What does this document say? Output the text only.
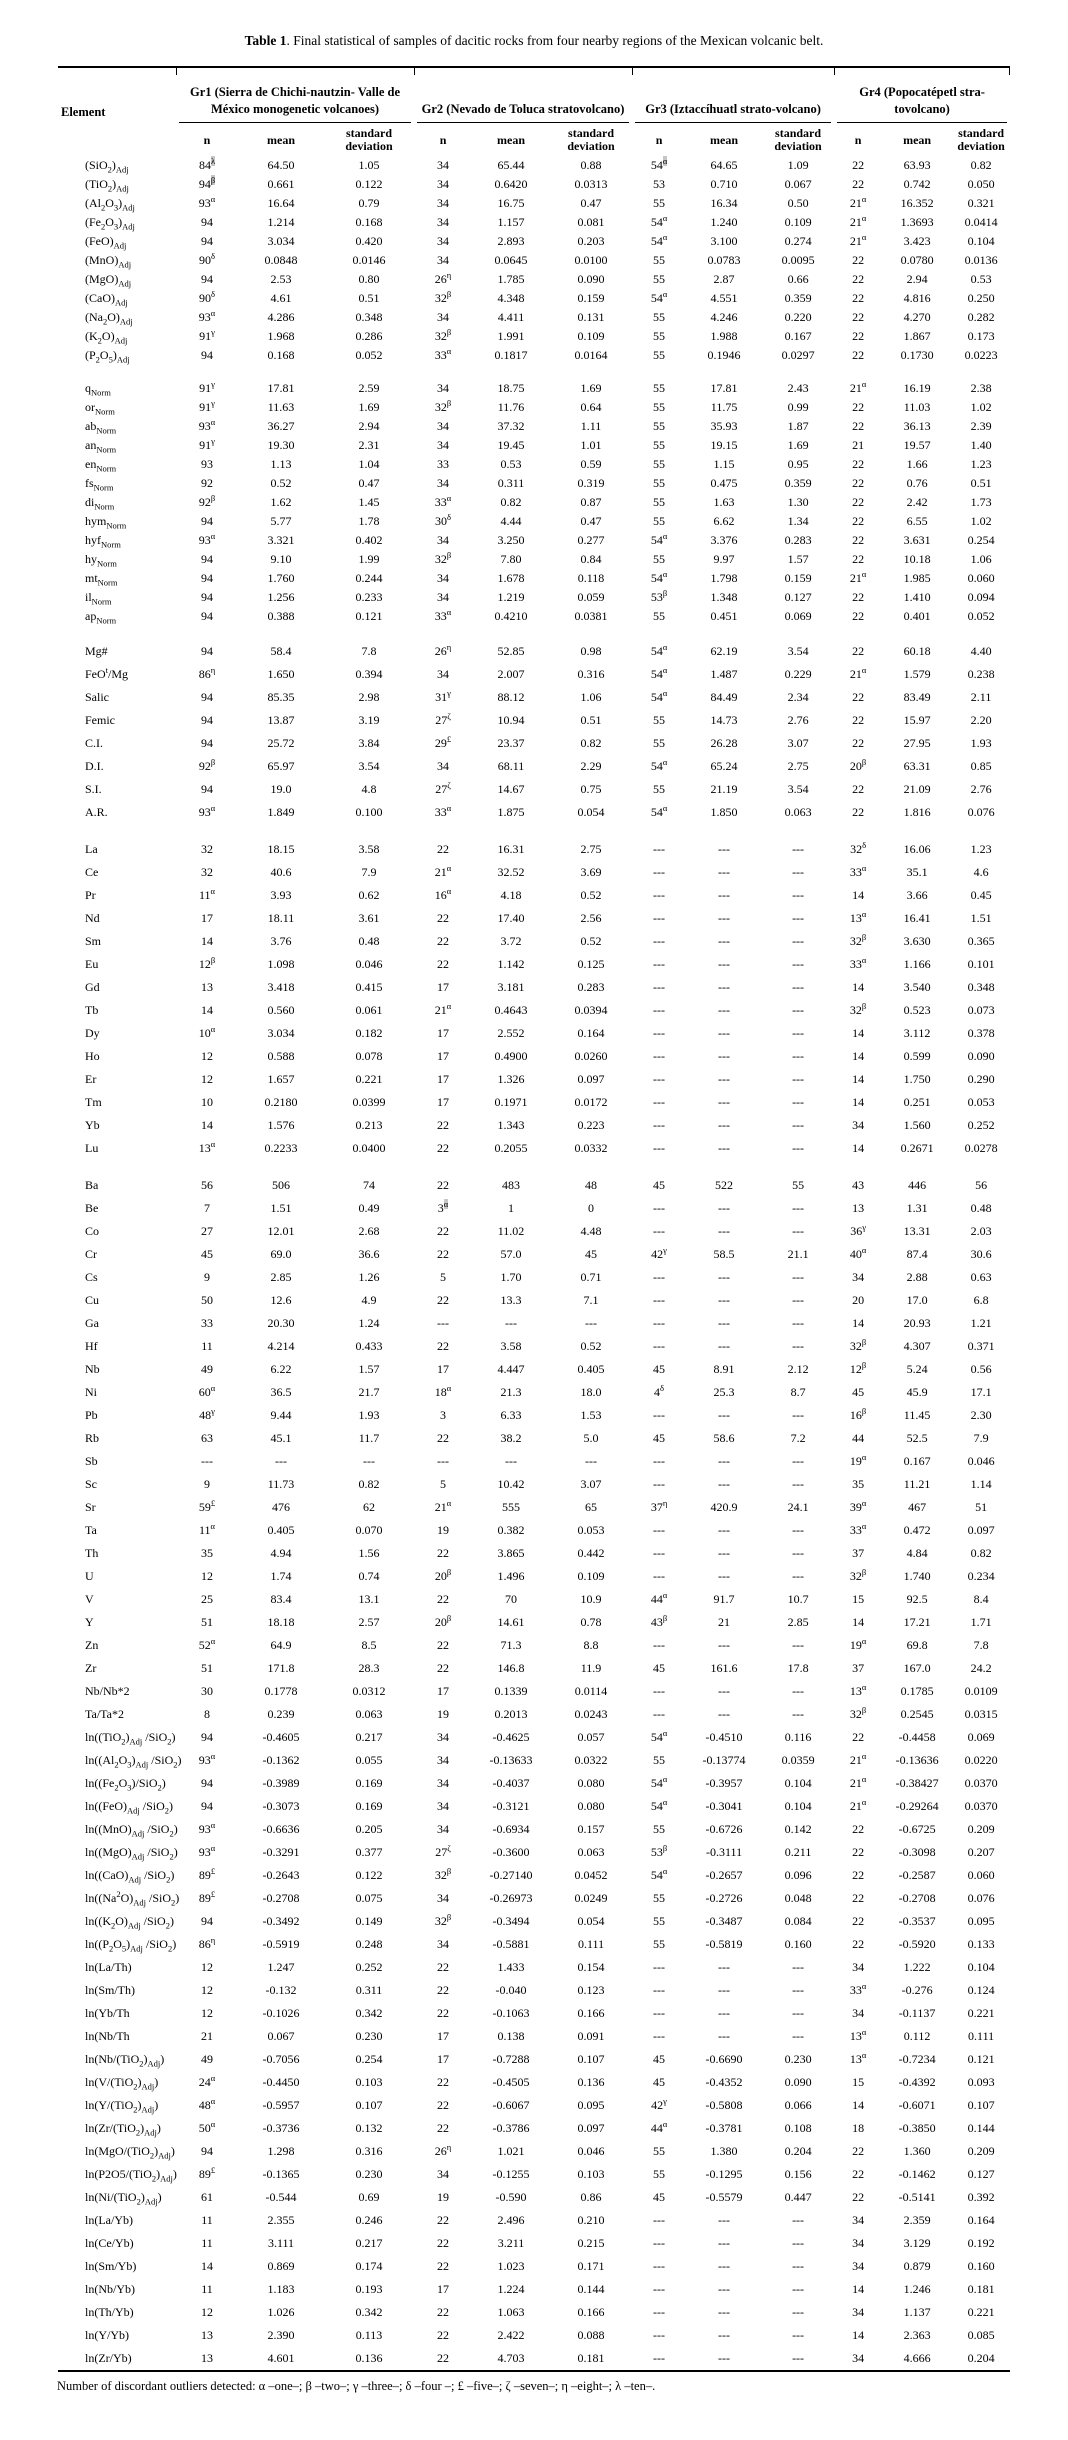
Table 1. Final statistical of samples of dacitic rocks from four nearby regions of the Mexican volcanic belt.
Element	Gr1 (Sierra de Chichi-nautzin- Valle de México monogenetic volcanoes)			Gr2 (Nevado de Toluca stratovolcano)			Gr3 (Iztaccíhuatl strato-volcano)			Gr4 (Popocatépetl stra-tovolcano)		

	n	mean	standard deviation	n	mean	standard deviation	n	mean	standard deviation	n	mean	standard deviation
$(SiO_2)_{Adj}$	$84^\lambda$	64.50	1.05	34	65.44	0.88	$54^\alpha$	64.65	1.09	22	63.93	0.82
$(TiO_2)_{Adj}$	$94^\beta$	0.661	0.122	34	0.6420	0.0313	53	0.710	0.067	22	0.742	0.050
$(Al_2O_3)_{Adj}$	$93^\alpha$	16.64	0.79	34	16.75	0.47	55	16.34	0.50	$21^\alpha$	16.352	0.321
$(Fe_2O_3)_{Adj}$	94	1.214	0.168	34	1.157	0.081	$54^\alpha$	1.240	0.109	$21^\alpha$	1.3693	0.0414
$(FeO)_{Adj}$	94	3.034	0.420	34	2.893	0.203	$54^\alpha$	3.100	0.274	$21^\alpha$	3.423	0.104
$(MnO)_{Adj}$	$90^\delta$	0.0848	0.0146	34	0.0645	0.0100	55	0.0783	0.0095	22	0.0780	0.0136
$(MgO)_{Adj}$	94	2.53	0.80	$26^\eta$	1.785	0.090	55	2.87	0.66	22	2.94	0.53
$(CaO)_{Adj}$	$90^\delta$	4.61	0.51	$32^\beta$	4.348	0.159	$54^\alpha$	4.551	0.359	22	4.816	0.250
$(Na_2O)_{Adj}$	$93^\alpha$	4.286	0.348	34	4.411	0.131	55	4.246	0.220	22	4.270	0.282
$(K_2O)_{Adj}$	$91^\gamma$	1.968	0.286	$32^\beta$	1.991	0.109	55	1.988	0.167	22	1.867	0.173
$(P_2O_5)_{Adj}$	94	0.168	0.052	$33^\alpha$	0.1817	0.0164	55	0.1946	0.0297	22	0.1730	0.0223

$q_{Norm}$	$91^\gamma$	17.81	2.59	34	18.75	1.69	55	17.81	2.43	$21^\alpha$	16.19	2.38
$or_{Norm}$	$91^\gamma$	11.63	1.69	$32^\beta$	11.76	0.64	55	11.75	0.99	22	11.03	1.02
$ab_{Norm}$	$93^\alpha$	36.27	2.94	34	37.32	1.11	55	35.93	1.87	22	36.13	2.39
$an_{Norm}$	$91^\gamma$	19.30	2.31	34	19.45	1.01	55	19.15	1.69	21	19.57	1.40
$en_{Norm}$	93	1.13	1.04	33	0.53	0.59	55	1.15	0.95	22	1.66	1.23
$fs_{Norm}$	92	0.52	0.47	34	0.311	0.319	55	0.475	0.359	22	0.76	0.51
$di_{Norm}$	$92^\beta$	1.62	1.45	$33^\alpha$	0.82	0.87	55	1.63	1.30	22	2.42	1.73
hym$_{Norm}$	94	5.77	1.78	$30^\delta$	4.44	0.47	55	6.62	1.34	22	6.55	1.02
hyf$_{Norm}$	$93^\alpha$	3.321	0.402	34	3.250	0.277	$54^\alpha$	3.376	0.283	22	3.631	0.254
$hy_{Norm}$	94	9.10	1.99	$32^\beta$	7.80	0.84	55	9.97	1.57	22	10.18	1.06
$mt_{Norm}$	94	1.760	0.244	34	1.678	0.118	$54^\alpha$	1.798	0.159	$21^\alpha$	1.985	0.060
$il_{Norm}$	94	1.256	0.233	34	1.219	0.059	$53^\beta$	1.348	0.127	22	1.410	0.094
$ap_{Norm}$	94	0.388	0.121	$33^\alpha$	0.4210	0.0381	55	0.451	0.069	22	0.401	0.052

Mg#	94	58.4	7.8	$26^\eta$	52.85	0.98	$54^\alpha$	62.19	3.54	22	60.18	4.40
FeO$^t$/Mg	$86^\eta$	1.650	0.394	34	2.007	0.316	$54^\alpha$	1.487	0.229	$21^\alpha$	1.579	0.238
Salic	94	85.35	2.98	$31^\gamma$	88.12	1.06	$54^\alpha$	84.49	2.34	22	83.49	2.11
Femic	94	13.87	3.19	$27^\zeta$	10.94	0.51	55	14.73	2.76	22	15.97	2.20
C.I.	94	25.72	3.84	29£	23.37	0.82	55	26.28	3.07	22	27.95	1.93
D.I.	$92^\beta$	65.97	3.54	34	68.11	2.29	$54^\alpha$	65.24	2.75	$20^\beta$	63.31	0.85
S.I.	94	19.0	4.8	$27^\zeta$	14.67	0.75	55	21.19	3.54	22	21.09	2.76
A.R.	$93^\alpha$	1.849	0.100	$33^\alpha$	1.875	0.054	$54^\alpha$	1.850	0.063	22	1.816	0.076

La	32	18.15	3.58	22	16.31	2.75	---	---	---	$32^\delta$	16.06	1.23
Ce	32	40.6	7.9	$21^\alpha$	32.52	3.69	---	---	---	$33^\alpha$	35.1	4.6
Pr	$11^\alpha$	3.93	0.62	$16^\alpha$	4.18	0.52	---	---	---	14	3.66	0.45
Nd	17	18.11	3.61	22	17.40	2.56	---	---	---	$13^\alpha$	16.41	1.51
Sm	14	3.76	0.48	22	3.72	0.52	---	---	---	$32^\beta$	3.630	0.365
Eu	$12^\beta$	1.098	0.046	22	1.142	0.125	---	---	---	$33^\alpha$	1.166	0.101
Gd	13	3.418	0.415	17	3.181	0.283	---	---	---	14	3.540	0.348
Tb	14	0.560	0.061	$21^\alpha$	0.4643	0.0394	---	---	---	$32^\beta$	0.523	0.073
Dy	$10^\alpha$	3.034	0.182	17	2.552	0.164	---	---	---	14	3.112	0.378
Ho	12	0.588	0.078	17	0.4900	0.0260	---	---	---	14	0.599	0.090
Er	12	1.657	0.221	17	1.326	0.097	---	---	---	14	1.750	0.290
Tm	10	0.2180	0.0399	17	0.1971	0.0172	---	---	---	14	0.251	0.053
Yb	14	1.576	0.213	22	1.343	0.223	---	---	---	34	1.560	0.252
Lu	$13^\alpha$	0.2233	0.0400	22	0.2055	0.0332	---	---	---	14	0.2671	0.0278

Ba	56	506	74	22	483	48	45	522	55	43	446	56
Be	7	1.51	0.49	$3^\alpha$	1	0	---	---	---	13	1.31	0.48
Co	27	12.01	2.68	22	11.02	4.48	---	---	---	$36^\gamma$	13.31	2.03
Cr	45	69.0	36.6	22	57.0	45	$42^\gamma$	58.5	21.1	$40^\alpha$	87.4	30.6
Cs	9	2.85	1.26	5	1.70	0.71	---	---	---	34	2.88	0.63
Cu	50	12.6	4.9	22	13.3	7.1	---	---	---	20	17.0	6.8
Ga	33	20.30	1.24	---	---	---	---	---	---	14	20.93	1.21
Hf	11	4.214	0.433	22	3.58	0.52	---	---	---	$32^\beta$	4.307	0.371
Nb	49	6.22	1.57	17	4.447	0.405	45	8.91	2.12	$12^\beta$	5.24	0.56
Ni	$60^\alpha$	36.5	21.7	$18^\alpha$	21.3	18.0	$4^\delta$	25.3	8.7	45	45.9	17.1
Pb	$48^\gamma$	9.44	1.93	3	6.33	1.53	---	---	---	$16^\beta$	11.45	2.30
Rb	63	45.1	11.7	22	38.2	5.0	45	58.6	7.2	44	52.5	7.9
Sb	---	---	---	---	---	---	---	---	---	$19^\alpha$	0.167	0.046
Sc	9	11.73	0.82	5	10.42	3.07	---	---	---	35	11.21	1.14
Sr	59£	476	62	$21^\alpha$	555	65	$37^\eta$	420.9	24.1	$39^\alpha$	467	51
Ta	$11^\alpha$	0.405	0.070	19	0.382	0.053	---	---	---	$33^\alpha$	0.472	0.097
Th	35	4.94	1.56	22	3.865	0.442	---	---	---	37	4.84	0.82
U	12	1.74	0.74	$20^\beta$	1.496	0.109	---	---	---	$32^\beta$	1.740	0.234
V	25	83.4	13.1	22	70	10.9	$44^\alpha$	91.7	10.7	15	92.5	8.4
Y	51	18.18	2.57	$20^\beta$	14.61	0.78	$43^\beta$	21	2.85	14	17.21	1.71
Zn	$52^\alpha$	64.9	8.5	22	71.3	8.8	---	---	---	$19^\alpha$	69.8	7.8
Zr	51	171.8	28.3	22	146.8	11.9	45	161.6	17.8	37	167.0	24.2
Nb/Nb*2	30	0.1778	0.0312	17	0.1339	0.0114	---	---	---	$13^\alpha$	0.1785	0.0109
Ta/Ta*2	8	0.239	0.063	19	0.2013	0.0243	---	---	---	$32^\beta$	0.2545	0.0315
$\ln((TiO_2)_{Adj}$ /SiO$_2$)	94	-0.4605	0.217	34	-0.4625	0.057	$54^\alpha$	-0.4510	0.116	22	-0.4458	0.069
$\ln((Al_2O_3)_{Adj}$ /SiO$_2$)	$93^\alpha$	-0.1362	0.055	34	-0.13633	0.0322	55	-0.13774	0.0359	$21^\alpha$	-0.13636	0.0220
$\ln((Fe_2O_3)/SiO_2)$	94	-0.3989	0.169	34	-0.4037	0.080	$54^\alpha$	-0.3957	0.104	$21^\alpha$	-0.38427	0.0370
$\ln((FeO)_{Adj}$ /SiO$_2$)	94	-0.3073	0.169	34	-0.3121	0.080	$54^\alpha$	-0.3041	0.104	$21^\alpha$	-0.29264	0.0370
$\ln((MnO)_{Adj}$ /SiO$_2$)	$93^\alpha$	-0.6636	0.205	34	-0.6934	0.157	55	-0.6726	0.142	22	-0.6725	0.209
$\ln((MgO)_{Adj}$ /SiO$_2$)	$93^\alpha$	-0.3291	0.377	$27^\zeta$	-0.3600	0.063	$53^\beta$	-0.3111	0.211	22	-0.3098	0.207
$\ln((CaO)_{Adj}$ /SiO$_2$)	89£	-0.2643	0.122	$32^\beta$	-0.27140	0.0452	$54^\alpha$	-0.2657	0.096	22	-0.2587	0.060
$\ln((Na^2O)_{Adj}$ /SiO$_2$)	89£	-0.2708	0.075	34	-0.26973	0.0249	55	-0.2726	0.048	22	-0.2708	0.076
$\ln((K_2O)_{Adj}$ /SiO$_2$)	94	-0.3492	0.149	$32^\beta$	-0.3494	0.054	55	-0.3487	0.084	22	-0.3537	0.095
$\ln((P_2O_5)_{Adj}$ /SiO$_2$)	$86^\eta$	-0.5919	0.248	34	-0.5881	0.111	55	-0.5819	0.160	22	-0.5920	0.133
ln(La/Th)	12	1.247	0.252	22	1.433	0.154	---	---	---	34	1.222	0.104
ln(Sm/Th)	12	-0.132	0.311	22	-0.040	0.123	---	---	---	$33^\alpha$	-0.276	0.124
ln(Yb/Th	12	-0.1026	0.342	22	-0.1063	0.166	---	---	---	34	-0.1137	0.221
ln(Nb/Th	21	0.067	0.230	17	0.138	0.091	---	---	---	$13^\alpha$	0.112	0.111
$\ln(Nb/(TiO_2)_{Adj})$	49	-0.7056	0.254	17	-0.7288	0.107	45	-0.6690	0.230	$13^\alpha$	-0.7234	0.121
$\ln(V/(TiO_2)_{Adj})$	$24^\alpha$	-0.4450	0.103	22	-0.4505	0.136	45	-0.4352	0.090	15	-0.4392	0.093
$\ln(Y/(TiO_2)_{Adj})$	$48^\alpha$	-0.5957	0.107	22	-0.6067	0.095	$42^\gamma$	-0.5808	0.066	14	-0.6071	0.107
$\ln(Zr/(TiO_2)_{Adj})$	$50^\alpha$	-0.3736	0.132	22	-0.3786	0.097	$44^\alpha$	-0.3781	0.108	18	-0.3850	0.144
$\ln(MgO/(TiO_2)_{Adj})$	94	1.298	0.316	$26^\eta$	1.021	0.046	55	1.380	0.204	22	1.360	0.209
$\ln(P2O5/(TiO_2)_{Adj})$	89£	-0.1365	0.230	34	-0.1255	0.103	55	-0.1295	0.156	22	-0.1462	0.127
$\ln(Ni/(TiO_2)_{Adj})$	61	-0.544	0.69	19	-0.590	0.86	45	-0.5579	0.447	22	-0.5141	0.392
ln(La/Yb)	11	2.355	0.246	22	2.496	0.210	---	---	---	34	2.359	0.164
ln(Ce/Yb)	11	3.111	0.217	22	3.211	0.215	---	---	---	34	3.129	0.192
ln(Sm/Yb)	14	0.869	0.174	22	1.023	0.171	---	---	---	34	0.879	0.160
ln(Nb/Yb)	11	1.183	0.193	17	1.224	0.144	---	---	---	14	1.246	0.181
ln(Th/Yb)	12	1.026	0.342	22	1.063	0.166	---	---	---	34	1.137	0.221
ln(Y/Yb)	13	2.390	0.113	22	2.422	0.088	---	---	---	14	2.363	0.085
ln(Zr/Yb)	13	4.601	0.136	22	4.703	0.181	---	---	---	34	4.666	0.204
Number of discordant outliers detected: α –one–; β –two–; γ –three–; δ –four –; £ –five–; ζ –seven–; η –eight–; λ –ten–.
